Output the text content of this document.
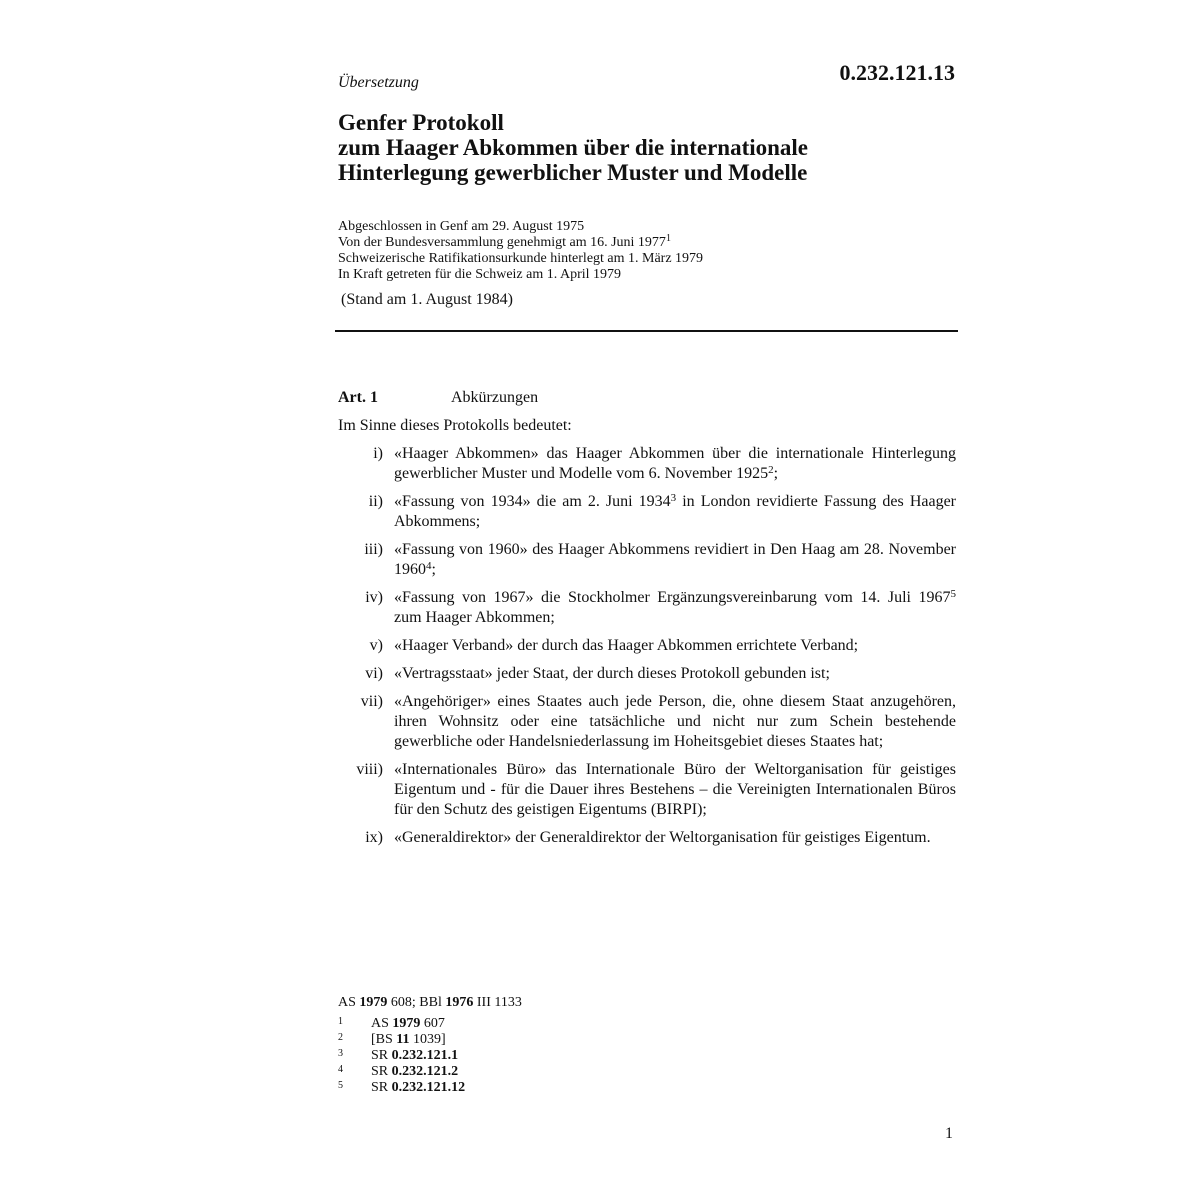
Übersetzung	0.232.121.13
Genfer Protokoll
zum Haager Abkommen über die internationale
Hinterlegung gewerblicher Muster und Modelle
Abgeschlossen in Genf am 29. August 1975
Von der Bundesversammlung genehmigt am 16. Juni 1977$^1$
Schweizerische Ratifikationsurkunde hinterlegt am 1. März 1979
In Kraft getreten für die Schweiz am 1. April 1979
(Stand am 1. August 1984)
Art. 1	Abkürzungen
Im Sinne dieses Protokolls bedeutet:
i) «Haager Abkommen» das Haager Abkommen über die internationale Hinterlegung gewerblicher Muster und Modelle vom 6. November 1925$^2$;
ii) «Fassung von 1934» die am 2. Juni 1934$^3$ in London revidierte Fassung des Haager Abkommens;
iii) «Fassung von 1960» des Haager Abkommens revidiert in Den Haag am 28. November 1960$^4$;
iv) «Fassung von 1967» die Stockholmer Ergänzungsvereinbarung vom 14. Juli 1967$^5$ zum Haager Abkommen;
v) «Haager Verband» der durch das Haager Abkommen errichtete Verband;
vi) «Vertragsstaat» jeder Staat, der durch dieses Protokoll gebunden ist;
vii) «Angehöriger» eines Staates auch jede Person, die, ohne diesem Staat anzugehören, ihren Wohnsitz oder eine tatsächliche und nicht nur zum Schein bestehende gewerbliche oder Handelsniederlassung im Hoheitsgebiet dieses Staates hat;
viii) «Internationales Büro» das Internationale Büro der Weltorganisation für geistiges Eigentum und - für die Dauer ihres Bestehens – die Vereinigten Internationalen Büros für den Schutz des geistigen Eigentums (BIRPI);
ix) «Generaldirektor» der Generaldirektor der Weltorganisation für geistiges Eigentum.
AS 1979 608; BBl 1976 III 1133
1 AS 1979 607
2 [BS 11 1039]
3 SR 0.232.121.1
4 SR 0.232.121.2
5 SR 0.232.121.12
1
